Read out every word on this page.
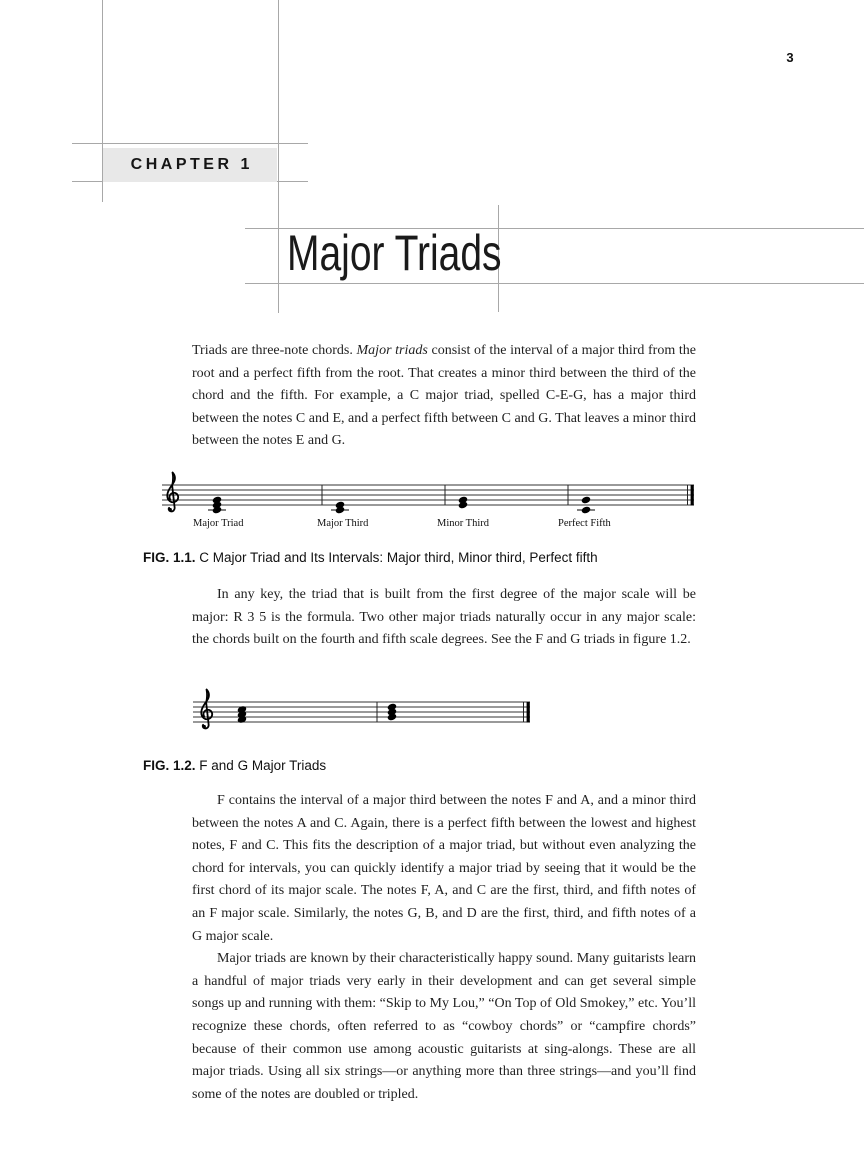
3
CHAPTER 1
Major Triads

Triads are three-note chords. Major triads consist of the interval of a major third from the root and a perfect fifth from the root. That creates a minor third between the third of the chord and the fifth. For example, a C major triad, spelled C-E-G, has a major third between the notes C and E, and a perfect fifth between C and G. That leaves a minor third between the notes E and G.

Major Triad	Major Third	Minor Third	Perfect Fifth
FIG. 1.1. C Major Triad and Its Intervals: Major third, Minor third, Perfect fifth

In any key, the triad that is built from the first degree of the major scale will be major: R 3 5 is the formula. Two other major triads naturally occur in any major scale: the chords built on the fourth and fifth scale degrees. See the F and G triads in figure 1.2.

FIG. 1.2. F and G Major Triads

F contains the interval of a major third between the notes F and A, and a minor third between the notes A and C. Again, there is a perfect fifth between the lowest and highest notes, F and C. This fits the description of a major triad, but without even analyzing the chord for intervals, you can quickly identify a major triad by seeing that it would be the first chord of its major scale. The notes F, A, and C are the first, third, and fifth notes of an F major scale. Similarly, the notes G, B, and D are the first, third, and fifth notes of a G major scale.

Major triads are known by their characteristically happy sound. Many guitarists learn a handful of major triads very early in their development and can get several simple songs up and running with them: “Skip to My Lou,” “On Top of Old Smokey,” etc. You’ll recognize these chords, often referred to as “cowboy chords” or “campfire chords” because of their common use among acoustic guitarists at sing-alongs. These are all major triads. Using all six strings—or anything more than three strings—and you’ll find some of the notes are doubled or tripled.
